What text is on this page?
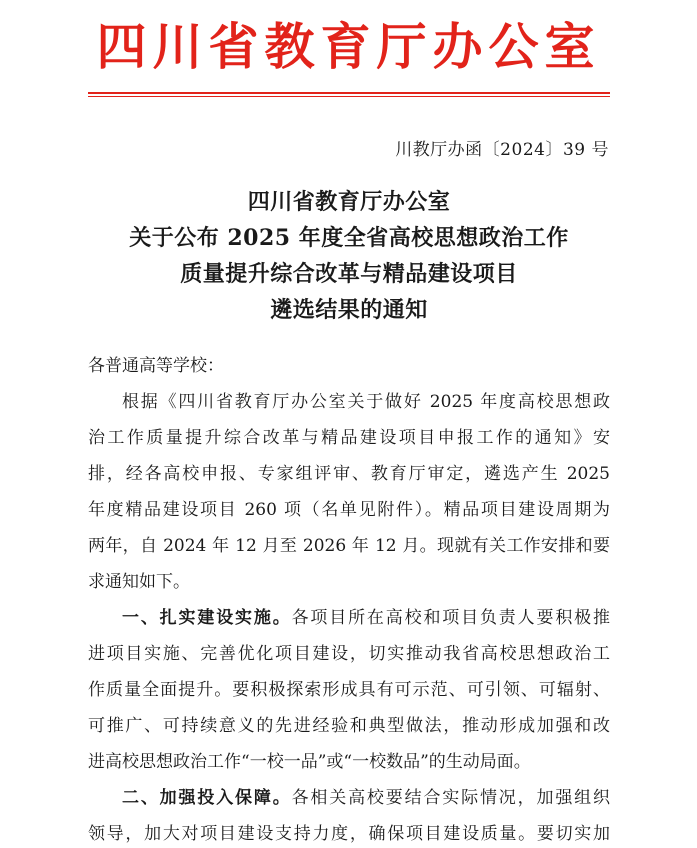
四川省教育厅办公室
川教厅办函〔2024〕39 号
四川省教育厅办公室
关于公布 2025 年度全省高校思想政治工作
质量提升综合改革与精品建设项目
遴选结果的通知
各普通高等学校：
根据《四川省教育厅办公室关于做好 2025 年度高校思想政
治工作质量提升综合改革与精品建设项目申报工作的通知》安
排，经各高校申报、专家组评审、教育厅审定，遴选产生 2025
年度精品建设项目 260 项（名单见附件）。精品项目建设周期为
两年，自 2024 年 12 月至 2026 年 12 月。现就有关工作安排和要
求通知如下。
一、扎实建设实施。各项目所在高校和项目负责人要积极推
进项目实施、完善优化项目建设，切实推动我省高校思想政治工
作质量全面提升。要积极探索形成具有可示范、可引领、可辐射、
可推广、可持续意义的先进经验和典型做法，推动形成加强和改
进高校思想政治工作“一校一品”或“一校数品”的生动局面。
二、加强投入保障。各相关高校要结合实际情况，加强组织
领导，加大对项目建设支持力度，确保项目建设质量。要切实加
